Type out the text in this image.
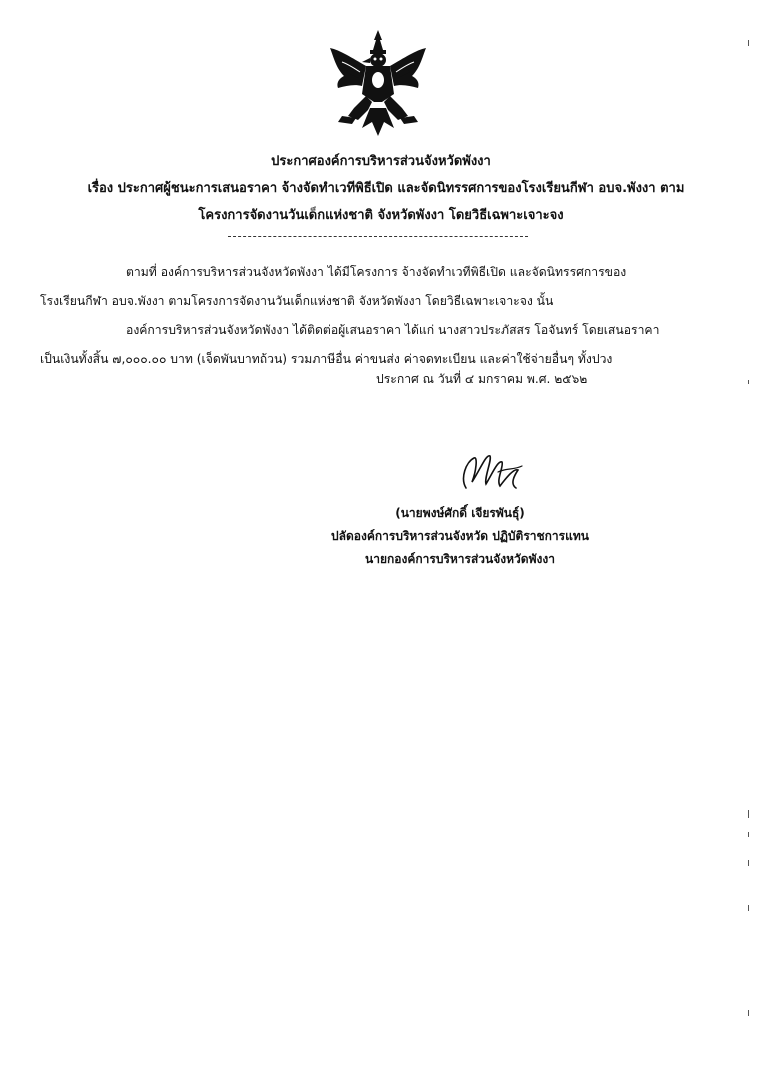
ประกาศองค์การบริหารส่วนจังหวัดพังงา
เรื่อง ประกาศผู้ชนะการเสนอราคา จ้างจัดทำเวทีพิธีเปิด และจัดนิทรรศการของโรงเรียนกีฬา อบจ.พังงา ตาม
โครงการจัดงานวันเด็กแห่งชาติ จังหวัดพังงา โดยวิธีเฉพาะเจาะจง
ตามที่ องค์การบริหารส่วนจังหวัดพังงา ได้มีโครงการ จ้างจัดทำเวทีพิธีเปิด และจัดนิทรรศการของ
โรงเรียนกีฬา อบจ.พังงา ตามโครงการจัดงานวันเด็กแห่งชาติ จังหวัดพังงา โดยวิธีเฉพาะเจาะจง นั้น
องค์การบริหารส่วนจังหวัดพังงา ได้ติดต่อผู้เสนอราคา ได้แก่ นางสาวประภัสสร โอจันทร์ โดยเสนอราคา
เป็นเงินทั้งสิ้น ๗,๐๐๐.๐๐ บาท (เจ็ดพันบาทถ้วน) รวมภาษีอื่น ค่าขนส่ง ค่าจดทะเบียน และค่าใช้จ่ายอื่นๆ ทั้งปวง
ประกาศ ณ วันที่ ๔ มกราคม พ.ศ. ๒๕๖๒
(นายพงษ์ศักดิ์ เจียรพันธุ์)
ปลัดองค์การบริหารส่วนจังหวัด ปฏิบัติราชการแทน
นายกองค์การบริหารส่วนจังหวัดพังงา
